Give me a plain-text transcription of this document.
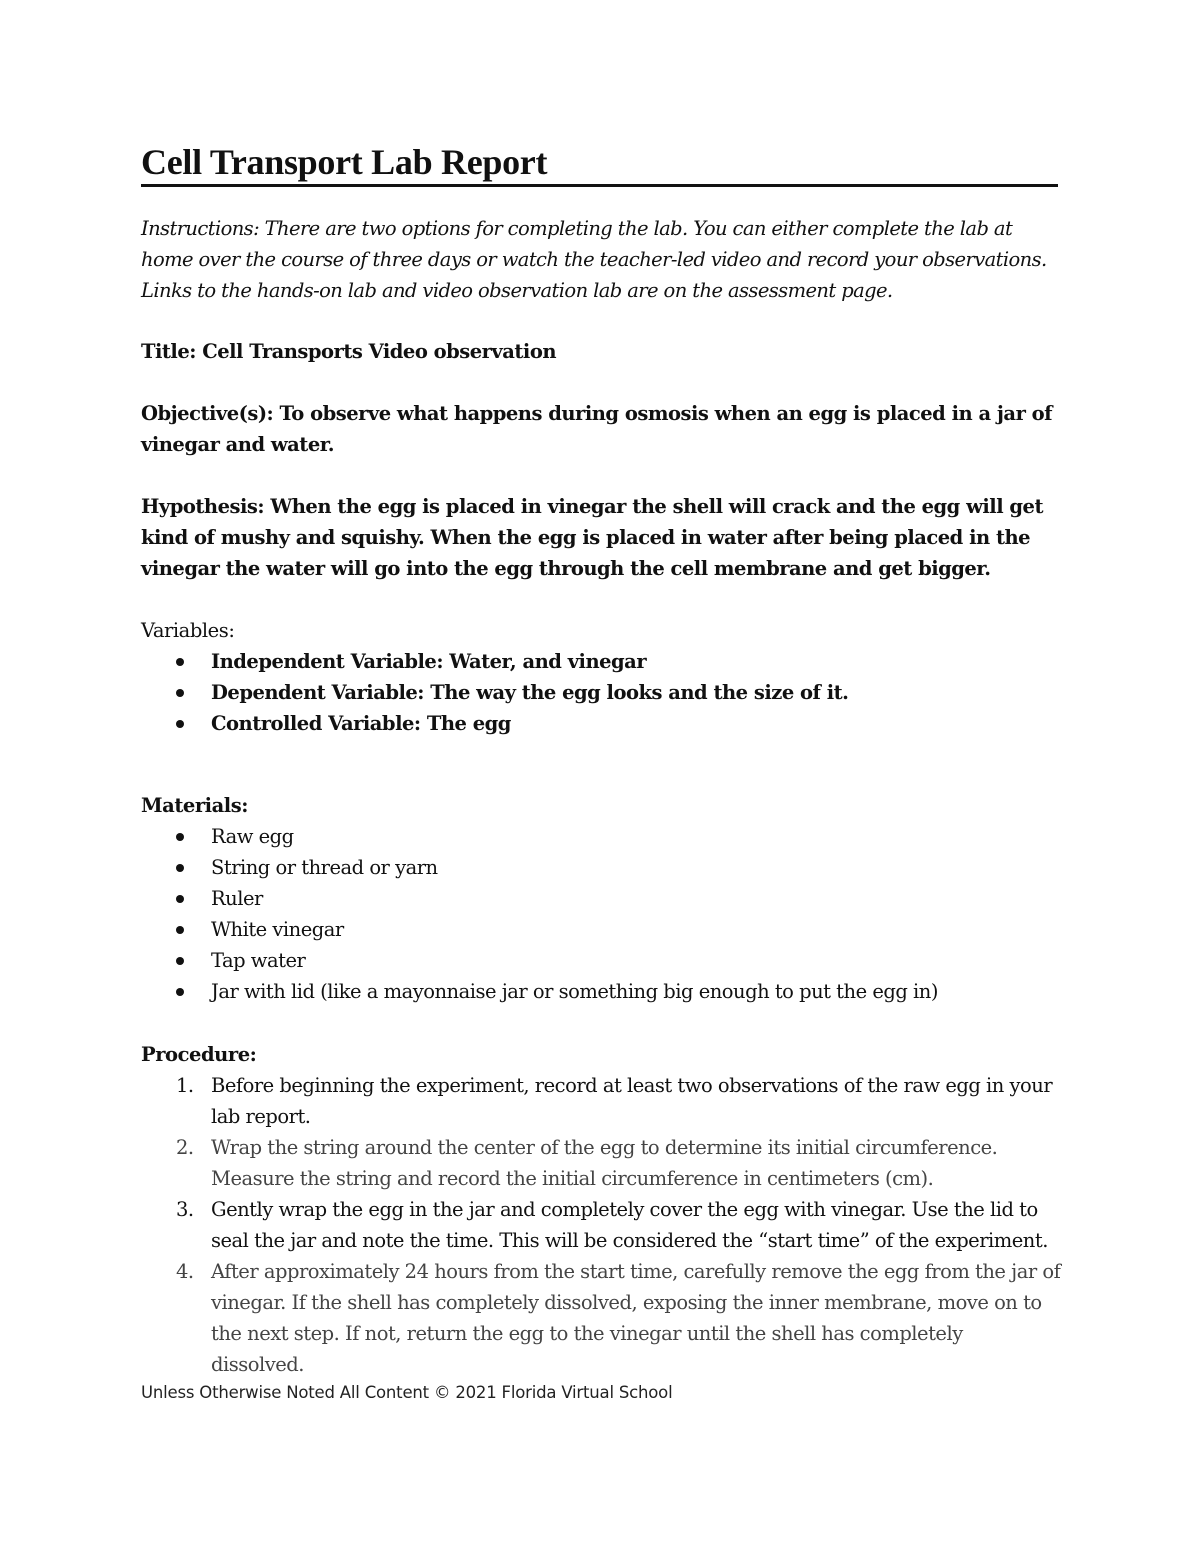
Cell Transport Lab Report

Instructions: There are two options for completing the lab. You can either complete the lab at home over the course of three days or watch the teacher-led video and record your observations. Links to the hands-on lab and video observation lab are on the assessment page.

Title: Cell Transports Video observation

Objective(s): To observe what happens during osmosis when an egg is placed in a jar of vinegar and water.

Hypothesis: When the egg is placed in vinegar the shell will crack and the egg will get kind of mushy and squishy. When the egg is placed in water after being placed in the vinegar the water will go into the egg through the cell membrane and get bigger.

Variables:

Independent Variable: Water, and vinegar
Dependent Variable: The way the egg looks and the size of it.
Controlled Variable: The egg

Materials:

Raw egg
String or thread or yarn
Ruler
White vinegar
Tap water
Jar with lid (like a mayonnaise jar or something big enough to put the egg in)

Procedure:

1. Before beginning the experiment, record at least two observations of the raw egg in your lab report.
2. Wrap the string around the center of the egg to determine its initial circumference. Measure the string and record the initial circumference in centimeters (cm).
3. Gently wrap the egg in the jar and completely cover the egg with vinegar. Use the lid to seal the jar and note the time. This will be considered the “start time” of the experiment.
4. After approximately 24 hours from the start time, carefully remove the egg from the jar of vinegar. If the shell has completely dissolved, exposing the inner membrane, move on to the next step. If not, return the egg to the vinegar until the shell has completely dissolved.

Unless Otherwise Noted All Content © 2021 Florida Virtual School
